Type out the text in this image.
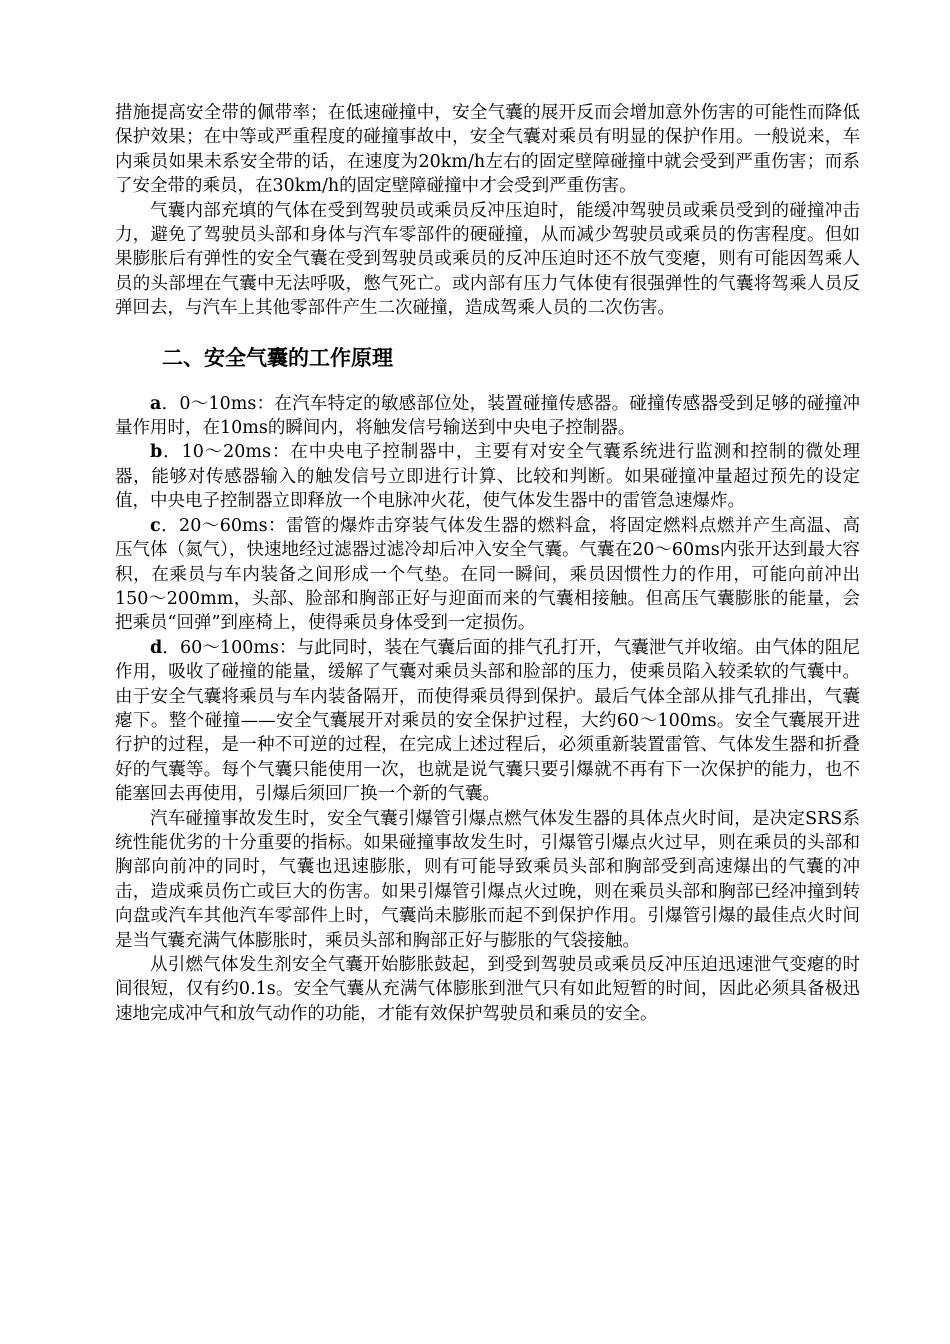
措施提高安全带的佩带率；在低速碰撞中，安全气囊的展开反而会增加意外伤害的可能性而降低保护效果；在中等或严重程度的碰撞事故中，安全气囊对乘员有明显的保护作用。一般说来，车内乘员如果未系安全带的话，在速度为20km/h左右的固定壁障碰撞中就会受到严重伤害；而系了安全带的乘员，在30km/h的固定壁障碰撞中才会受到严重伤害。

气囊内部充填的气体在受到驾驶员或乘员反冲压迫时，能缓冲驾驶员或乘员受到的碰撞冲击力，避免了驾驶员头部和身体与汽车零部件的硬碰撞，从而减少驾驶员或乘员的伤害程度。但如果膨胀后有弹性的安全气囊在受到驾驶员或乘员的反冲压迫时还不放气变瘪，则有可能因驾乘人员的头部埋在气囊中无法呼吸，憋气死亡。或内部有压力气体使有很强弹性的气囊将驾乘人员反弹回去，与汽车上其他零部件产生二次碰撞，造成驾乘人员的二次伤害。

二、安全气囊的工作原理

a．0～10ms：在汽车特定的敏感部位处，装置碰撞传感器。碰撞传感器受到足够的碰撞冲量作用时，在10ms的瞬间内，将触发信号输送到中央电子控制器。

b．10～20ms：在中央电子控制器中，主要有对安全气囊系统进行监测和控制的微处理器，能够对传感器输入的触发信号立即进行计算、比较和判断。如果碰撞冲量超过预先的设定值，中央电子控制器立即释放一个电脉冲火花，使气体发生器中的雷管急速爆炸。

c．20～60ms：雷管的爆炸击穿装气体发生器的燃料盒，将固定燃料点燃并产生高温、高压气体（氮气），快速地经过滤器过滤冷却后冲入安全气囊。气囊在20～60ms内张开达到最大容积，在乘员与车内装备之间形成一个气垫。在同一瞬间，乘员因惯性力的作用，可能向前冲出150～200mm，头部、脸部和胸部正好与迎面而来的气囊相接触。但高压气囊膨胀的能量，会把乘员“回弹”到座椅上，使得乘员身体受到一定损伤。

d．60～100ms：与此同时，装在气囊后面的排气孔打开，气囊泄气并收缩。由气体的阻尼作用，吸收了碰撞的能量，缓解了气囊对乘员头部和脸部的压力，使乘员陷入较柔软的气囊中。由于安全气囊将乘员与车内装备隔开，而使得乘员得到保护。最后气体全部从排气孔排出，气囊瘪下。整个碰撞——安全气囊展开对乘员的安全保护过程，大约60～100ms。安全气囊展开进行护的过程，是一种不可逆的过程，在完成上述过程后，必须重新装置雷管、气体发生器和折叠好的气囊等。每个气囊只能使用一次，也就是说气囊只要引爆就不再有下一次保护的能力，也不能塞回去再使用，引爆后须回厂换一个新的气囊。

汽车碰撞事故发生时，安全气囊引爆管引爆点燃气体发生器的具体点火时间，是决定SRS系统性能优劣的十分重要的指标。如果碰撞事故发生时，引爆管引爆点火过早，则在乘员的头部和胸部向前冲的同时，气囊也迅速膨胀，则有可能导致乘员头部和胸部受到高速爆出的气囊的冲击，造成乘员伤亡或巨大的伤害。如果引爆管引爆点火过晚，则在乘员头部和胸部已经冲撞到转向盘或汽车其他汽车零部件上时，气囊尚未膨胀而起不到保护作用。引爆管引爆的最佳点火时间是当气囊充满气体膨胀时，乘员头部和胸部正好与膨胀的气袋接触。

从引燃气体发生剂安全气囊开始膨胀鼓起，到受到驾驶员或乘员反冲压迫迅速泄气变瘪的时间很短，仅有约0.1s。安全气囊从充满气体膨胀到泄气只有如此短暂的时间，因此必须具备极迅速地完成冲气和放气动作的功能，才能有效保护驾驶员和乘员的安全。
